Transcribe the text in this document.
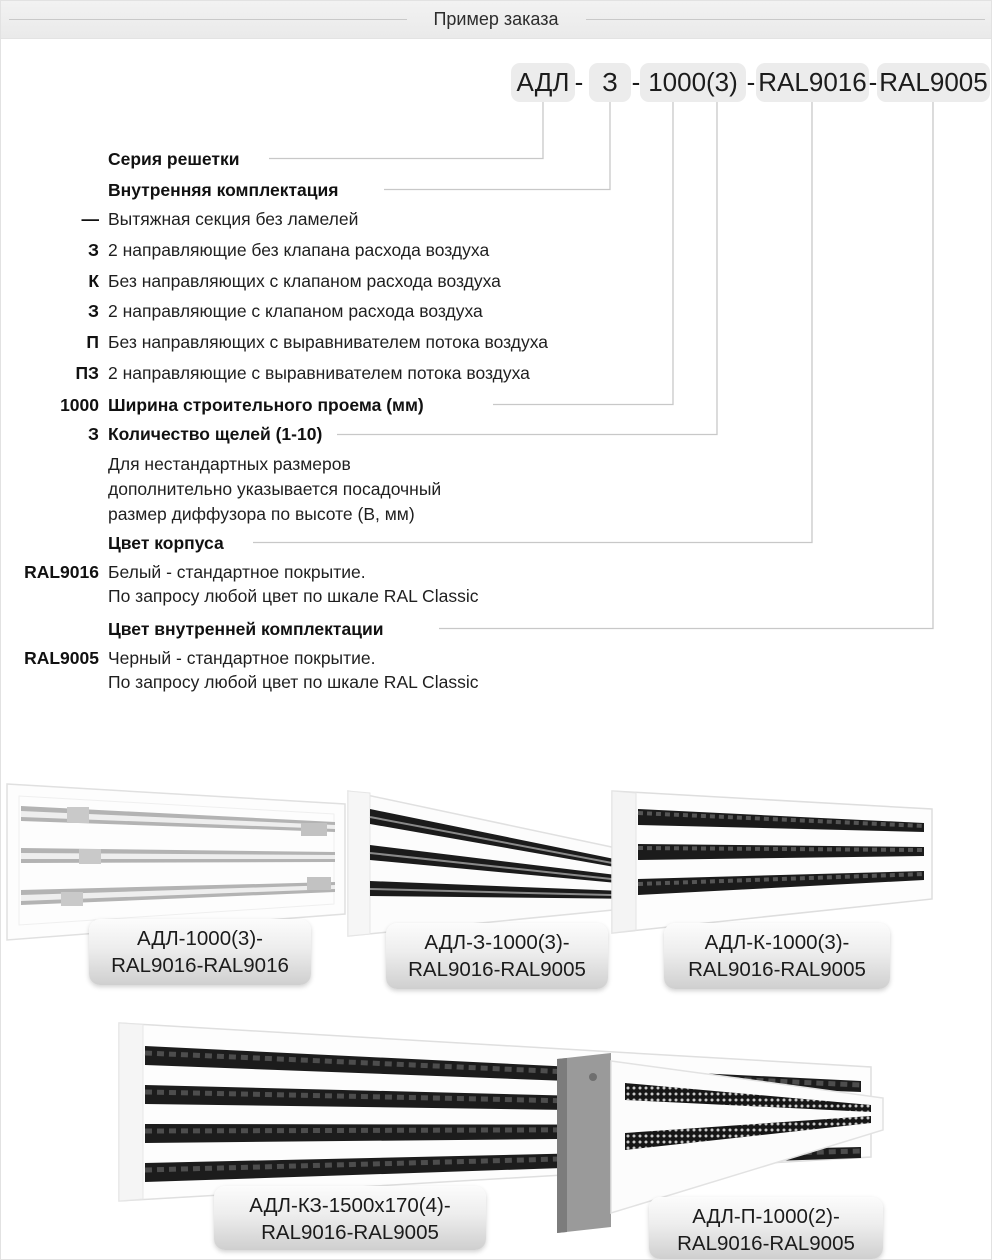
Пример заказа
АДЛ - З - 1000(3) - RAL9016 - RAL9005
Серия решетки
Внутренняя комплектация
— Вытяжная секция без ламелей
З 2 направляющие без клапана расхода воздуха
К Без направляющих с клапаном расхода воздуха
З 2 направляющие с клапаном расхода воздуха
П Без направляющих с выравнивателем потока воздуха
ПЗ 2 направляющие с выравнивателем потока воздуха
1000 Ширина строительного проема (мм)
З Количество щелей (1-10)
Для нестандартных размеров
дополнительно указывается посадочный
размер диффузора по высоте (В, мм)
Цвет корпуса
RAL9016 Белый - стандартное покрытие.
По запросу любой цвет по шкале RAL Classic
Цвет внутренней комплектации
RAL9005 Черный - стандартное покрытие.
По запросу любой цвет по шкале RAL Classic
АДЛ-1000(3)-
RAL9016-RAL9016
АДЛ-З-1000(3)-
RAL9016-RAL9005
АДЛ-К-1000(3)-
RAL9016-RAL9005
АДЛ-КЗ-1500х170(4)-
RAL9016-RAL9005
АДЛ-П-1000(2)-
RAL9016-RAL9005
